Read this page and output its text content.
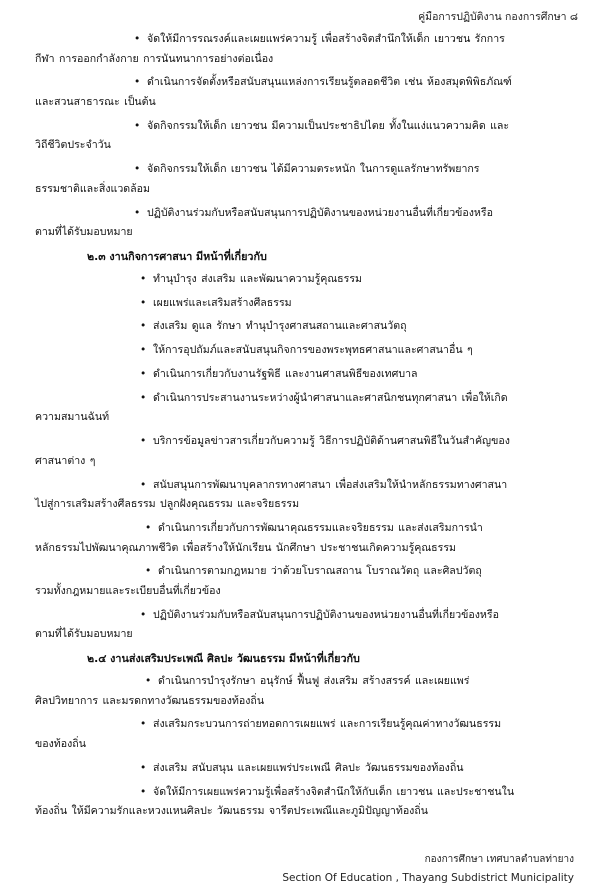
คู่มือการปฏิบัติงาน กองการศึกษา ๘
• จัดให้มีการรณรงค์และเผยแพร่ความรู้ เพื่อสร้างจิตสำนึกให้เด็ก เยาวชน รักการ
กีฬา การออกกำลังกาย การนันทนาการอย่างต่อเนื่อง
• ดำเนินการจัดตั้งหรือสนับสนุนแหล่งการเรียนรู้ตลอดชีวิต เช่น ห้องสมุดพิพิธภัณฑ์
และสวนสาธารณะ เป็นต้น
• จัดกิจกรรมให้เด็ก เยาวชน มีความเป็นประชาธิปไตย ทั้งในแง่แนวความคิด และ
วิถีชีวิตประจำวัน
• จัดกิจกรรมให้เด็ก เยาวชน ได้มีความตระหนัก ในการดูแลรักษาทรัพยากร
ธรรมชาติและสิ่งแวดล้อม
• ปฏิบัติงานร่วมกับหรือสนับสนุนการปฏิบัติงานของหน่วยงานอื่นที่เกี่ยวข้องหรือ
ตามที่ได้รับมอบหมาย
๒.๓ งานกิจการศาสนา มีหน้าที่เกี่ยวกับ
• ทำนุบำรุง ส่งเสริม และพัฒนาความรู้คุณธรรม
• เผยแพร่และเสริมสร้างศีลธรรม
• ส่งเสริม ดูแล รักษา ทำนุบำรุงศาสนสถานและศาสนวัตถุ
• ให้การอุปถัมภ์และสนับสนุนกิจการของพระพุทธศาสนาและศาสนาอื่น ๆ
• ดำเนินการเกี่ยวกับงานรัฐพิธี และงานศาสนพิธีของเทศบาล
• ดำเนินการประสานงานระหว่างผู้นำศาสนาและศาสนิกชนทุกศาสนา เพื่อให้เกิด
ความสมานฉันท์
• บริการข้อมูลข่าวสารเกี่ยวกับความรู้ วิธีการปฏิบัติด้านศาสนพิธีในวันสำคัญของ
ศาสนาต่าง ๆ
• สนับสนุนการพัฒนาบุคลากรทางศาสนา เพื่อส่งเสริมให้นำหลักธรรมทางศาสนา
ไปสู่การเสริมสร้างศีลธรรม ปลูกฝังคุณธรรม และจริยธรรม
• ดำเนินการเกี่ยวกับการพัฒนาคุณธรรมและจริยธรรม และส่งเสริมการนำ
หลักธรรมไปพัฒนาคุณภาพชีวิต เพื่อสร้างให้นักเรียน นักศึกษา ประชาชนเกิดความรู้คุณธรรม
• ดำเนินการตามกฎหมาย ว่าด้วยโบราณสถาน โบราณวัตถุ และศิลปวัตถุ
รวมทั้งกฎหมายและระเบียบอื่นที่เกี่ยวข้อง
• ปฏิบัติงานร่วมกับหรือสนับสนุนการปฏิบัติงานของหน่วยงานอื่นที่เกี่ยวข้องหรือ
ตามที่ได้รับมอบหมาย
๒.๔ งานส่งเสริมประเพณี ศิลปะ วัฒนธรรม มีหน้าที่เกี่ยวกับ
• ดำเนินการบำรุงรักษา อนุรักษ์ ฟื้นฟู ส่งเสริม สร้างสรรค์ และเผยแพร่
ศิลปวิทยาการ และมรดกทางวัฒนธรรมของท้องถิ่น
• ส่งเสริมกระบวนการถ่ายทอดการเผยแพร่ และการเรียนรู้คุณค่าทางวัฒนธรรม
ของท้องถิ่น
• ส่งเสริม สนับสนุน และเผยแพร่ประเพณี ศิลปะ วัฒนธรรมของท้องถิ่น
• จัดให้มีการเผยแพร่ความรู้เพื่อสร้างจิตสำนึกให้กับเด็ก เยาวชน และประชาชนใน
ท้องถิ่น ให้มีความรักและหวงแหนศิลปะ วัฒนธรรม จารีตประเพณีและภูมิปัญญาท้องถิ่น
กองการศึกษา เทศบาลตำบลท่ายาง
Section Of Education , Thayang Subdistrict Municipality
